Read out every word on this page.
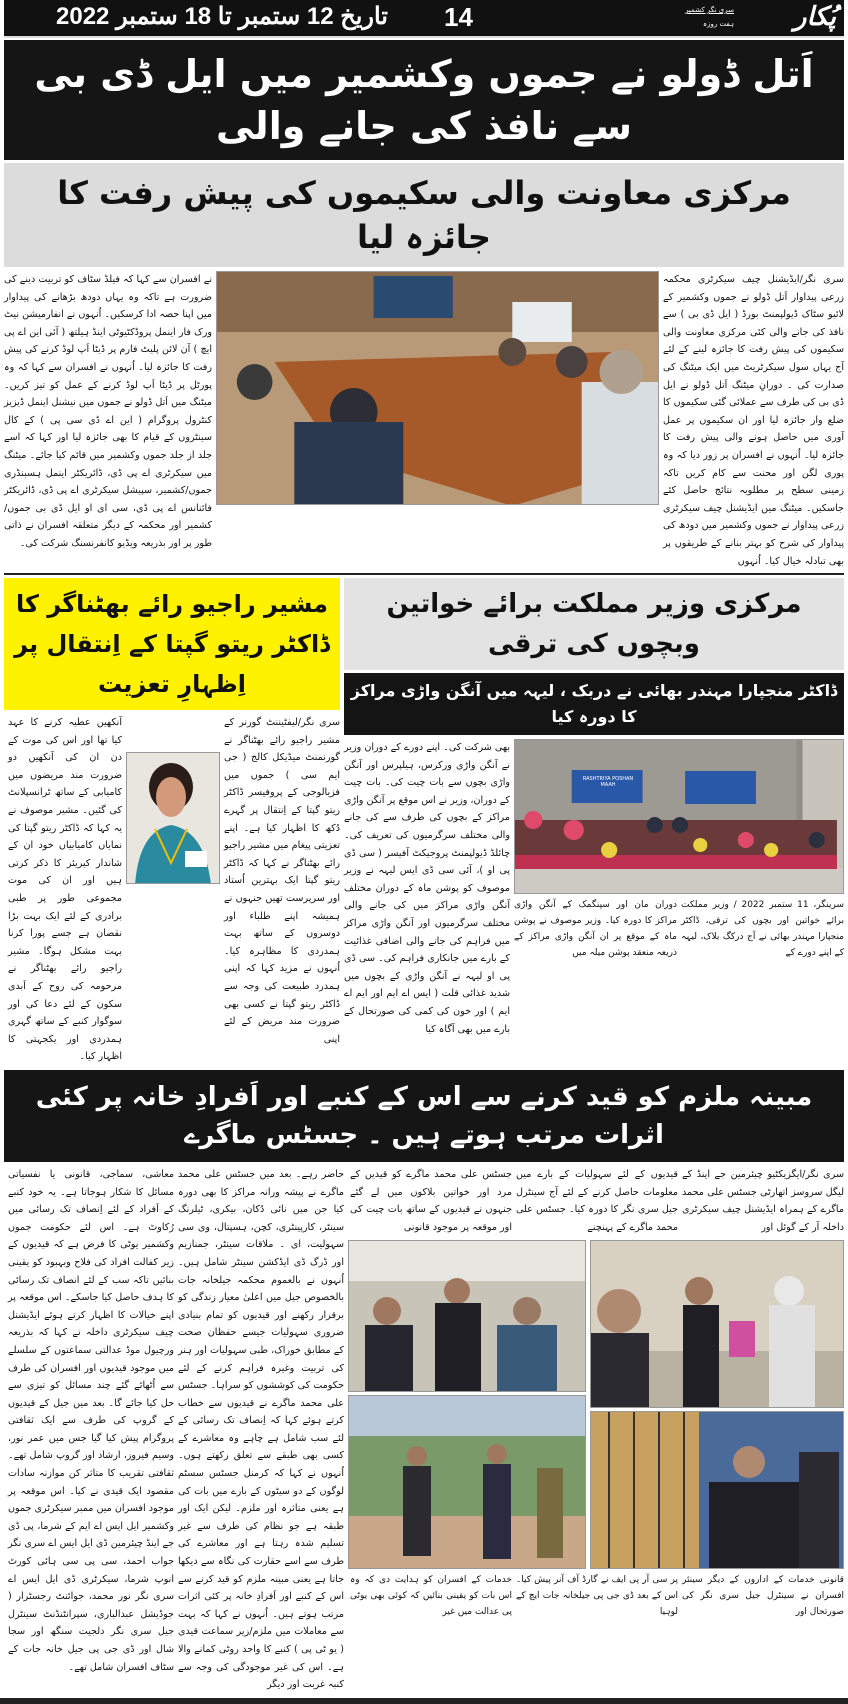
تاریخ 12 ستمبر تا 18 ستمبر 2022 14	پُکار
سری نگر کشمیر
ہفت روزہ
اَتل ڈولو نے جموں وکشمیر میں ایل ڈی بی سے نافذ کی جانے والی
مرکزی معاونت والی سکیموں کی پیش رفت کا جائزہ لیا
سری نگر/ایڈیشنل چیف سیکرٹری محکمہ زرعی پیداوار اَتل ڈولو نے جموں وکشمیر کے لائیو سٹاک ڈیولپمنٹ بورڈ ( ایل ڈی بی ) سے نافذ کی جانے والی کئی مرکزی معاونت والی سکیموں کی پیش رفت کا جائزہ لینے کے لئے آج یہاں سول سیکرٹریٹ میں ایک میٹنگ کی صدارت کی ۔ دورانِ میٹنگ اَتل ڈولو نے ایل ڈی بی کی طرف سے عملائی گئی سکیموں کا ضلع وار جائزہ لیا اور ان سکیموں پر عمل آوری میں حاصل ہونے والی پیش رفت کا جائزہ لیا۔ اُنہوں نے افسران پر زور دیا کہ وہ پوری لگن اور محنت سے کام کریں تاکہ زمینی سطح پر مطلوبہ نتائج حاصل کئے جاسکیں۔ میٹنگ میں ایڈیشنل چیف سیکرٹری زرعی پیداوار نے جموں وکشمیر میں دودھ کی پیداوار کی شرح کو بہتر بنانے کے طریقوں پر بھی تبادلہ خیال کیا۔ اُنہوں
نے افسران سے کہا کہ فیلڈ سٹاف کو تربیت دینے کی ضرورت ہے تاکہ وہ یہاں دودھ بڑھانے کی پیداوار میں اپنا حصہ ادا کرسکیں۔ اُنہوں نے انفارمیشن نیٹ ورک فار اینمل پروڈکٹیوٹی اینڈ ہیلتھ ( آئی این اے پی ایچ ) آن لائن پلیٹ فارم پر ڈیٹا اَپ لوڈ کرنے کی پیش رفت کا جائزہ لیا۔ اُنہوں نے افسران سے کہا کہ وہ پورٹل پر ڈیٹا اَپ لوڈ کرنے کے عمل کو تیز کریں۔ میٹنگ میں اَتل ڈولو نے جموں میں نیشنل اینمل ڈیزیز کنٹرول پروگرام ( این اے ڈی سی پی ) کے کال سینٹروں کے قیام کا بھی جائزہ لیا اور کہا کہ اسے جلد از جلد جموں وکشمیر میں قائم کیا جائے۔ میٹنگ میں سیکرٹری اے پی ڈی، ڈائریکٹر اینمل ہسبنڈری جموں/کشمیر، سپیشل سیکرٹری اے پی ڈی، ڈائریکٹر فائنانس اے پی ڈی، سی ای او ایل ڈی بی جموں/کشمیر اور محکمہ کے دیگر متعلقہ افسران نے ذاتی طور پر اور بذریعہ ویڈیو کانفرنسنگ شرکت کی۔
مرکزی وزیر مملکت برائے خواتین وبچوں کی ترقی
ڈاکٹر منجپارا مہندر بھائی نے دربک ، لیہہ میں آنگن واڑی مراکز کا دورہ کیا
RASHTRIYA POSHAN MAAH
سرینگر، 11 ستمبر 2022 / وزیر مملکت برائے خواتین اور بچوں کی ترقی، ڈاکٹر منجپارا مہندر بھائی نے آج درکگ بلاک، لیہہ کے اپنے دورے کے
دوران مان اور سپنگمک کے آنگن واڑی مراکز کا دورہ کیا۔ وزیر موصوف نے پوشن ماہ کے موقع پر ان آنگن واڑی مراکز کے ذریعہ منعقد پوشن میلہ میں
بھی شرکت کی۔ اپنے دورے کے دوران وزیر نے آنگن واڑی ورکرس، ہیلپرس اور آنگن واڑی بچوں سے بات چیت کی۔ بات چیت کے دوران، وزیر نے اس موقع پر آنگن واڑی مراکز کے بچوں کی طرف سے کی جانے والی مختلف سرگرمیوں کی تعریف کی۔ چائلڈ ڈیولپمنٹ پروجیکٹ آفیسر ( سی ڈی پی او )، آئی سی ڈی ایس لیہہ نے وزیر موصوف کو پوشن ماہ کے دوران مختلف آنگن واڑی مراکز میں کی جانے والی مختلف سرگرمیوں اور آنگن واڑی مراکز میں فراہم کی جانے والی اضافی غذائیت کے بارے میں جانکاری فراہم کی۔ سی ڈی پی او لیہہ نے آنگن واڑی کے بچوں میں شدید غذائی قلت ( ایس اے ایم اور ایم اے ایم ) اور خون کی کمی کی صورتحال کے بارے میں بھی آگاہ کیا
مشیر راجیو رائے بھٹناگر کا ڈاکٹر ریتو گپتا کے اِنتقال پر اِظہارِ تعزیت
سری نگر/لیفٹیننٹ گورنر کے مشیر راجیو رائے بھٹناگر نے گورنمنٹ میڈیکل کالج ( جی ایم سی ) جموں میں فزیالوجی کے پروفیسر ڈاکٹر ریتو گپتا کے اِنتقال پر گہرے دُکھ کا اظہار کیا ہے۔ اپنے تعزیتی پیغام میں مشیر راجیو رائے بھٹناگر نے کہا کہ ڈاکٹر ریتو گپتا ایک بہترین اُستاد اور سرپرست تھیں جنہوں نے ہمیشہ اپنے طلباء اور دوسروں کے ساتھ بہت ہمدردی کا مظاہرہ کیا۔ اُنہوں نے مزید کہا کہ اپنی ہمدرد طبیعت کی وجہ سے ڈاکٹر ریتو گپتا نے کسی بھی ضرورت مند مریض کے لئے اپنی
آنکھیں عطیہ کرنے کا عہد کیا تھا اور اس کی موت کے دن ان کی آنکھیں دو ضرورت مند مریضوں میں کامیابی کے ساتھ ٹرانسپلانٹ کی گئیں۔ مشیر موصوف نے یہ کہا کہ ڈاکٹر ریتو گپتا کی نمایاں کامیابیاں خود ان کے شاندار کیریئر کا ذکر کرتی ہیں اور ان کی موت مجموعی طور پر طبی برادری کے لئے ایک بہت بڑا نقصان ہے جسے پورا کرنا بہت مشکل ہوگا۔ مشیر راجیو رائے بھٹناگر نے مرحومہ کی روح کے اَبدی سکون کے لئے دعا کی اور سوگوار کنبے کے ساتھ گہری ہمدردی اور یکجہتی کا اظہار کیا۔
مبینہ ملزم کو قید کرنے سے اس کے کنبے اور اَفرادِ خانہ پر کئی اثرات مرتب ہوتے ہیں ۔ جسٹس ماگرے
سری نگر/ایگزیکٹیو چیئرمین جے اینڈ کے لیگل سروسز اتھارٹی جسٹس علی محمد ماگرے کے ہمراہ ایڈیشنل چیف سیکرٹری داخلہ آر کے گوئل اور
قیدیوں کے لئے سہولیات کے بارے میں معلومات حاصل کرنے کے لئے آج سینٹرل جیل سری نگر کا دورہ کیا۔ جسٹس علی محمد ماگرے کے پہنچنے
جسٹس علی محمد ماگرے کو قیدیں کے مرد اور خواتین بلاکوں میں لے گئے جنہوں نے قیدیوں کے ساتھ بات چیت کی اور موقعہ پر موجود قانونی
قانونی خدمات کے اداروں کے دیگر سینئر افسران نے سینٹرل جیل سری نگر کی صورتحال اور
پر سی آر پی ایف نے گارڈ آف آنر پیش کیا۔ اس کے بعد ڈی جی پی جیلخانہ جات ایچ کے لوہیا
خدمات کے افسران کو ہدایت دی کہ وہ اس بات کو یقینی بنائیں کہ کوئی بھی یوٹی پی عدالت میں غیر
حاضر رہے۔ بعد میں جسٹس علی محمد ماگرے نے پیشہ ورانہ مراکز کا بھی دورہ کیا جن میں نائی دُکان، بیکری، ٹیلرنگ سینٹر، کارپینٹری، کچن، ہسپتال، وی سی سہولیت، ای ۔ ملاقات سینٹر، جمنازیم اور ڈرگ ڈی ایڈکشن سینٹر شامل ہیں۔ اُنہوں نے بالعموم محکمہ جیلخانہ جات بالخصوص جیل میں اعلیٰ معیار زندگی کو برقرار رکھنے اور قیدیوں کو تمام بنیادی ضروری سہولیات جیسے حفظان صحت کے مطابق خوراک، طبی سہولیات اور ہنر کی تربیت وغیرہ فراہم کرنے کے لئے حکومت کی کوششوں کو سراہا۔ جسٹس علی محمد ماگرے نے قیدیوں سے خطاب کرتے ہوئے کہا کہ اِنصاف تک رسائی کے لئے سب شامل ہے چاہے وہ معاشرے کے کسی بھی طبقے سے تعلق رکھتے ہوں۔ اُنہوں نے کہا کہ کرمنل جسٹس سسٹم لوگوں کے دو سیٹوں کے بارے میں بات کی ہے یعنی متاثرہ اور ملزم۔ لیکن ایک اور طبقہ ہے جو نظام کی طرف سے غیر تسلیم شدہ رہتا ہے اور معاشرے کی طرف سے اسے حقارت کی نگاہ سے دیکھا جاتا ہے یعنی مبینہ ملزم کو قید کرنے سے اس کے کنبے اور اَفرادِ خانہ پر کئی اثرات مرتب ہوتے ہیں۔ اُنہوں نے کہا کہ بہت سے معاملات میں ملزم/زیر سماعت قیدی ( یو ٹی پی ) کنبے کا واحد روٹی کمانے والا ہے۔ اس کی غیر موجودگی کی وجہ سے کنبہ غربت اور دیگر
معاشی، سماجی، قانونی یا نفسیاتی مسائل کا شکار ہوجاتا ہے۔ یہ خود کنبے کے اَفراد کے لئے اِنصاف تک رسائی میں رُکاوٹ ہے۔ اس لئے حکومت جموں وکشمیر یوٹی کا فرض ہے کہ قیدیوں کے زیر کفالت افراد کی فلاح وبہبود کو یقینی بنائیں تاکہ سب کے لئے انصاف تک رسائی کا ہدف حاصل کیا جاسکے۔ اس موقعہ پر اپنے خیالات کا اظہار کرتے ہوئے ایڈیشنل چیف سیکرٹری داخلہ نے کہا کہ بذریعہ ورچیول موڈ عدالتی سماعتوں کے سلسلے میں موجود قیدیوں اور افسران کی طرف سے اُٹھائے گئے چند مسائل کو تیزی سے حل کیا جائے گا۔ بعد میں جیل کے قیدیوں کے گروپ کی طرف سے ایک ثقافتی پروگرام پیش کیا گیا جس میں عمر نور، وسیم فیروز، ارشاد اور گروپ شامل تھے۔ ثقافتی تقریب کا متاثر کن موازنہ سادات مقصود ایک قیدی نے کیا۔ اس موقعہ پر موجود افسران میں ممبر سیکرٹری جموں وکشمیر ایل ایس اے ایم کے شرما، پی ڈی جے اینڈ چیئرمین ڈی ایل ایس اے سری نگر جواب احمد، سی پی سی ہائی کورٹ انوپ شرما، سیکرٹری ڈی ایل ایس اے سری نگر نور محمد، جوائنٹ رجسٹرار ( جوڈیشل عبدالباری، سپرانٹنڈنٹ سینٹرل جیل سری نگر دلجیت سنگھ اور سجا شال اور ڈی جی پی جیل خانہ جات کے سٹاف افسران شامل تھے۔
